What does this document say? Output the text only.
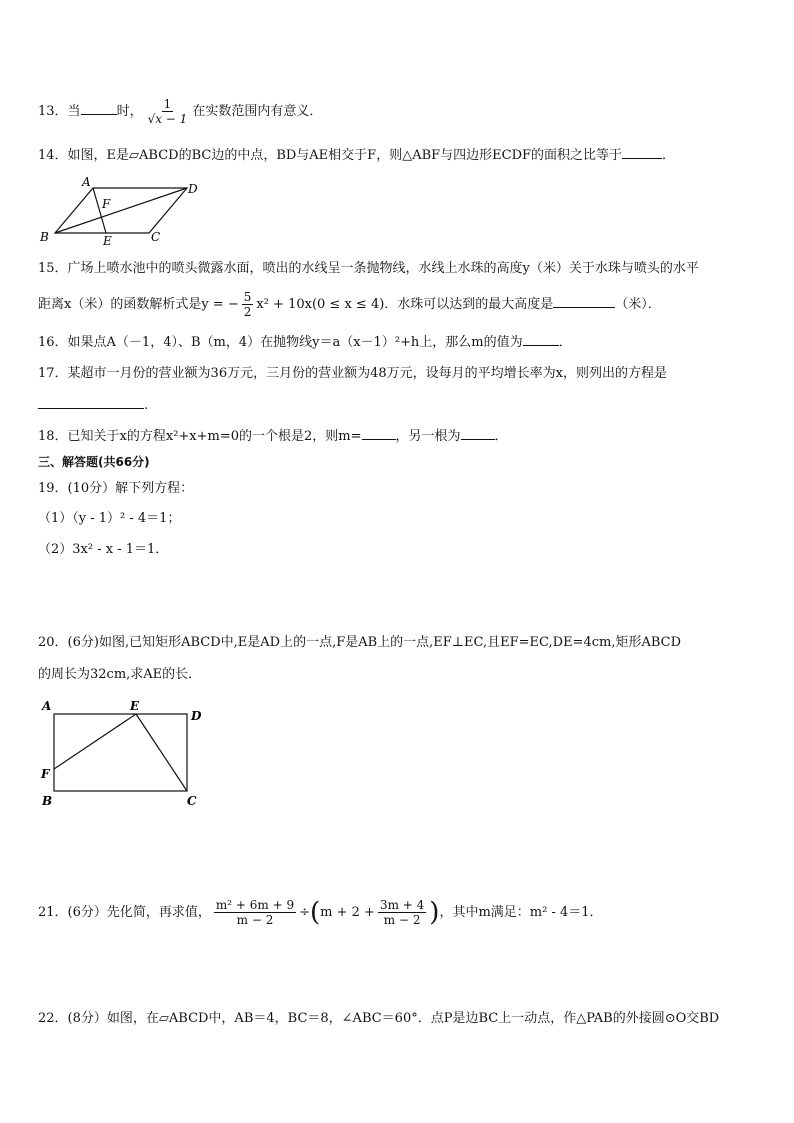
13．当	时， $\frac{1}{√x - 1}$ 在实数范围内有意义．
14．如图，E是▱ABCD的BC边的中点，BD与AE相交于F，则△ABF与四边形ECDF的面积之比等于	．
A	D
F
B	E	C
15．广场上喷水池中的喷头微露水面，喷出的水线呈一条抛物线，水线上水珠的高度y（米）关于水珠与喷头的水平
距离x（米）的函数解析式是y = − $\frac{5}{2} x^2 + 10x(0 \le x \le 4)$．水珠可以达到的最大高度是	（米）．
16．如果点A（－1，4）、B（m，4）在抛物线y＝a（x－1）²+h上，那么m的值为	．
17．某超市一月份的营业额为36万元，三月份的营业额为48万元，设每月的平均增长率为x，则列出的方程是
.
18．已知关于x的方程x²+x+m=0的一个根是2，则m=	，另一根为	．
三、解答题(共66分)
19．(10分）解下列方程：
（1）（y - 1）² - 4＝1；
（2）3x² - x - 1＝1．
20．(6分)如图,已知矩形ABCD中,E是AD上的一点,F是AB上的一点,EF⊥EC,且EF=EC,DE=4cm,矩形ABCD
的周长为32cm,求AE的长．
A	E
D
F
B	C
21．(6分）先化简，再求值， $\frac{\text{m² + 6m + 9}}{m - 2} \div(m + 2 + \frac{3m + 4}{m - 2}$ )，其中m满足：m² - 4＝1．
22．(8分）如图，在▱ABCD中，AB＝4，BC＝8，∠ABC＝60°．点P是边BC上一动点，作△PAB的外接圆⊙O交BD
